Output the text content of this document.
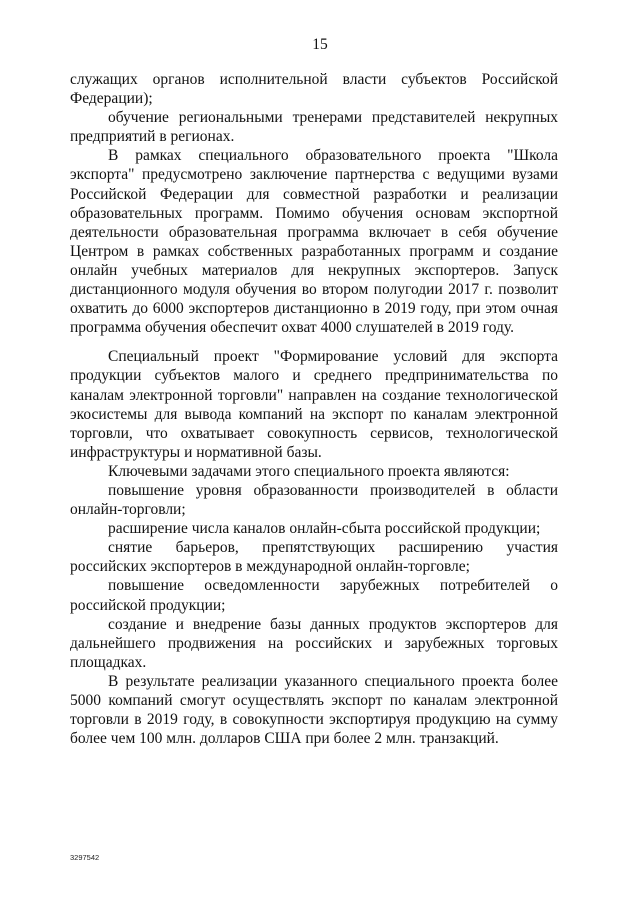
15

служащих органов исполнительной власти субъектов Российской Федерации);

обучение региональными тренерами представителей некрупных предприятий в регионах.

В рамках специального образовательного проекта "Школа экспорта" предусмотрено заключение партнерства с ведущими вузами Российской Федерации для совместной разработки и реализации образовательных программ. Помимо обучения основам экспортной деятельности образовательная программа включает в себя обучение Центром в рамках собственных разработанных программ и создание онлайн учебных материалов для некрупных экспортеров. Запуск дистанционного модуля обучения во втором полугодии 2017 г. позволит охватить до 6000 экспортеров дистанционно в 2019 году, при этом очная программа обучения обеспечит охват 4000 слушателей в 2019 году.

Специальный проект "Формирование условий для экспорта продукции субъектов малого и среднего предпринимательства по каналам электронной торговли" направлен на создание технологической экосистемы для вывода компаний на экспорт по каналам электронной торговли, что охватывает совокупность сервисов, технологической инфраструктуры и нормативной базы.

Ключевыми задачами этого специального проекта являются:

повышение уровня образованности производителей в области онлайн-торговли;

расширение числа каналов онлайн-сбыта российской продукции;

снятие барьеров, препятствующих расширению участия российских экспортеров в международной онлайн-торговле;

повышение осведомленности зарубежных потребителей о российской продукции;

создание и внедрение базы данных продуктов экспортеров для дальнейшего продвижения на российских и зарубежных торговых площадках.

В результате реализации указанного специального проекта более 5000 компаний смогут осуществлять экспорт по каналам электронной торговли в 2019 году, в совокупности экспортируя продукцию на сумму более чем 100 млн. долларов США при более 2 млн. транзакций.

3297542
